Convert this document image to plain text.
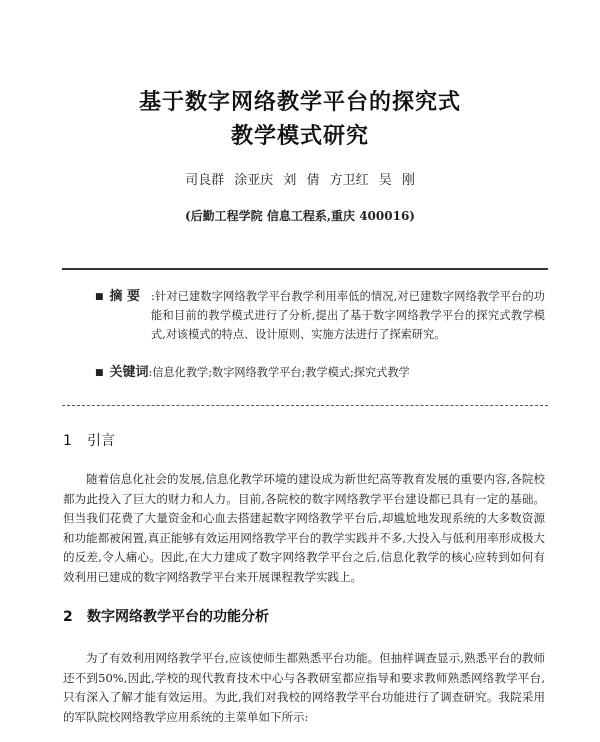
基于数字网络教学平台的探究式
教学模式研究
司良群 涂亚庆 刘 倩 方卫红 吴 刚
(后勤工程学院 信息工程系,重庆 400016)
■ 摘 要 :针对已建数字网络教学平台教学利用率低的情况,对已建数字网络教学平台的功能和目前的教学模式进行了分析,提出了基于数字网络教学平台的探究式教学模式,对该模式的特点、设计原则、实施方法进行了探索研究。
■ 关键词:信息化教学;数字网络教学平台;教学模式;探究式教学
1 引言
随着信息化社会的发展,信息化教学环境的建设成为新世纪高等教育发展的重要内容,各院校都为此投入了巨大的财力和人力。目前,各院校的数字网络教学平台建设都已具有一定的基础。但当我们花费了大量资金和心血去搭建起数字网络教学平台后,却尴尬地发现系统的大多数资源和功能都被闲置,真正能够有效运用网络教学平台的教学实践并不多,大投入与低利用率形成极大的反差,令人痛心。因此,在大力建成了数字网络教学平台之后,信息化教学的核心应转到如何有效利用已建成的数字网络教学平台来开展课程教学实践上。
2 数字网络教学平台的功能分析
为了有效利用网络教学平台,应该使师生都熟悉平台功能。但抽样调查显示,熟悉平台的教师还不到50%,因此,学校的现代教育技术中心与各教研室都应指导和要求教师熟悉网络教学平台,只有深入了解才能有效运用。为此,我们对我校的网络教学平台功能进行了调查研究。我院采用的军队院校网络教学应用系统的主菜单如下所示:
